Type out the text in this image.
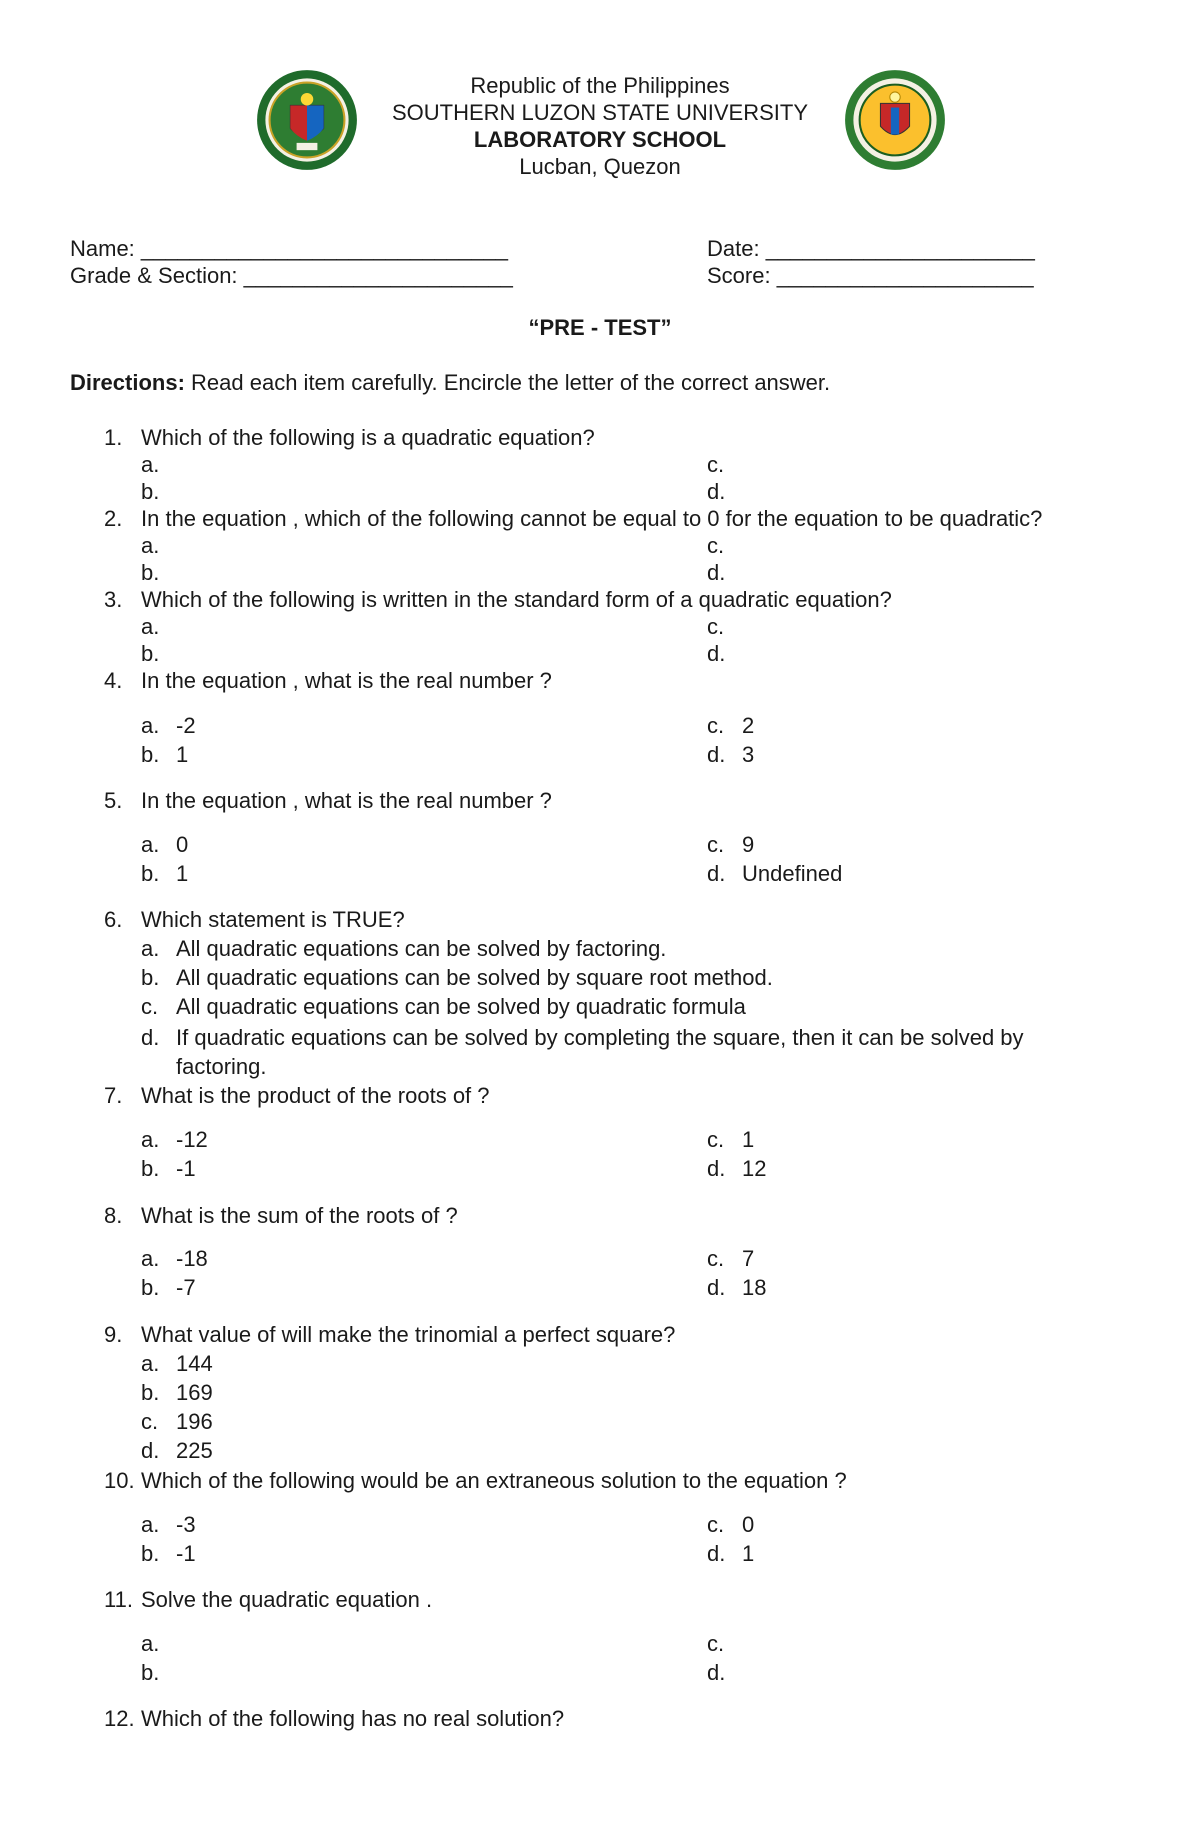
Republic of the Philippines
SOUTHERN LUZON STATE UNIVERSITY
LABORATORY SCHOOL
Lucban, Quezon
Name: ______________________________	Date: ______________________
Grade & Section: ______________________	Score: _____________________
“PRE - TEST”
Directions: Read each item carefully. Encircle the letter of the correct answer.
1. Which of the following is a quadratic equation?
a.	c.
b.	d.
2. In the equation , which of the following cannot be equal to 0 for the equation to be quadratic?
a.	c.
b.	d.
3. Which of the following is written in the standard form of a quadratic equation?
a.	c.
b.	d.
4. In the equation , what is the real number ?
a. -2	c. 2
b. 1	d. 3
5. In the equation , what is the real number ?
a. 0	c. 9
b. 1	d. Undefined
6. Which statement is TRUE?
a. All quadratic equations can be solved by factoring.
b. All quadratic equations can be solved by square root method.
c. All quadratic equations can be solved by quadratic formula
d. If quadratic equations can be solved by completing the square, then it can be solved by factoring.
7. What is the product of the roots of ?
a. -12	c. 1
b. -1	d. 12
8. What is the sum of the roots of ?
a. -18	c. 7
b. -7	d. 18
9. What value of will make the trinomial a perfect square?
a. 144
b. 169
c. 196
d. 225
10. Which of the following would be an extraneous solution to the equation ?
a. -3	c. 0
b. -1	d. 1
11. Solve the quadratic equation .
a.	c.
b.	d.
12. Which of the following has no real solution?
